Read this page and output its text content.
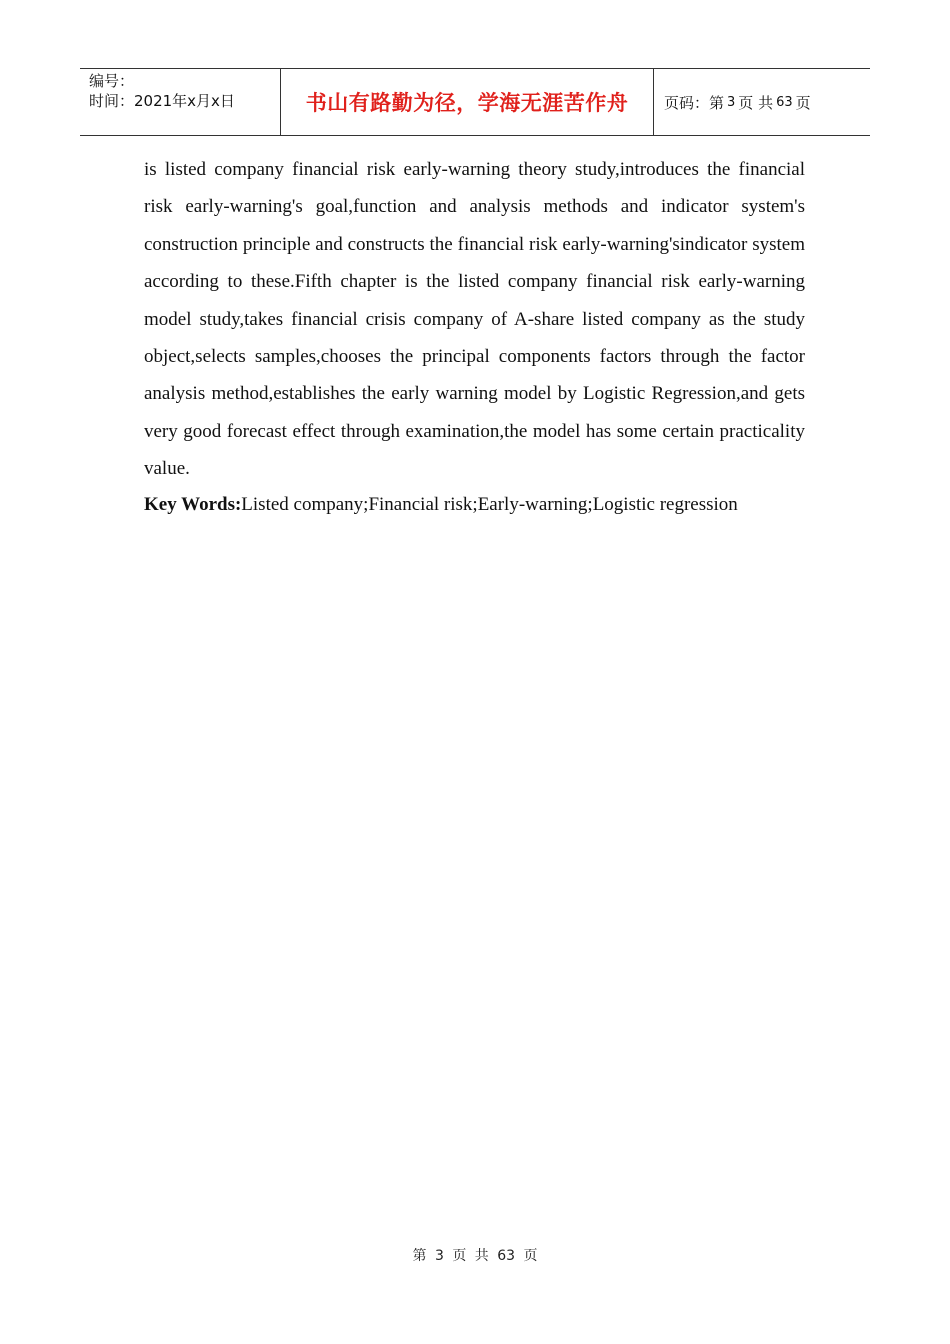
编号：
时间：2021年x月x日	书山有路勤为径，学海无涯苦作舟 页码：第 3 页 共 63 页

is listed company financial risk early-warning theory study,introduces the financial risk early-warning's goal,function and analysis methods and indicator system's construction principle and constructs the financial risk early-warning'sindicator system according to these.Fifth chapter is the listed company financial risk early-warning model study,takes financial crisis company of A-share listed company as the study object,selects samples,chooses the principal components factors through the factor analysis method,establishes the early warning model by Logistic Regression,and gets very good forecast effect through examination,the model has some certain practicality value.

Key Words:Listed company;Financial risk;Early-warning;Logistic regression

第 3 页 共 63 页
